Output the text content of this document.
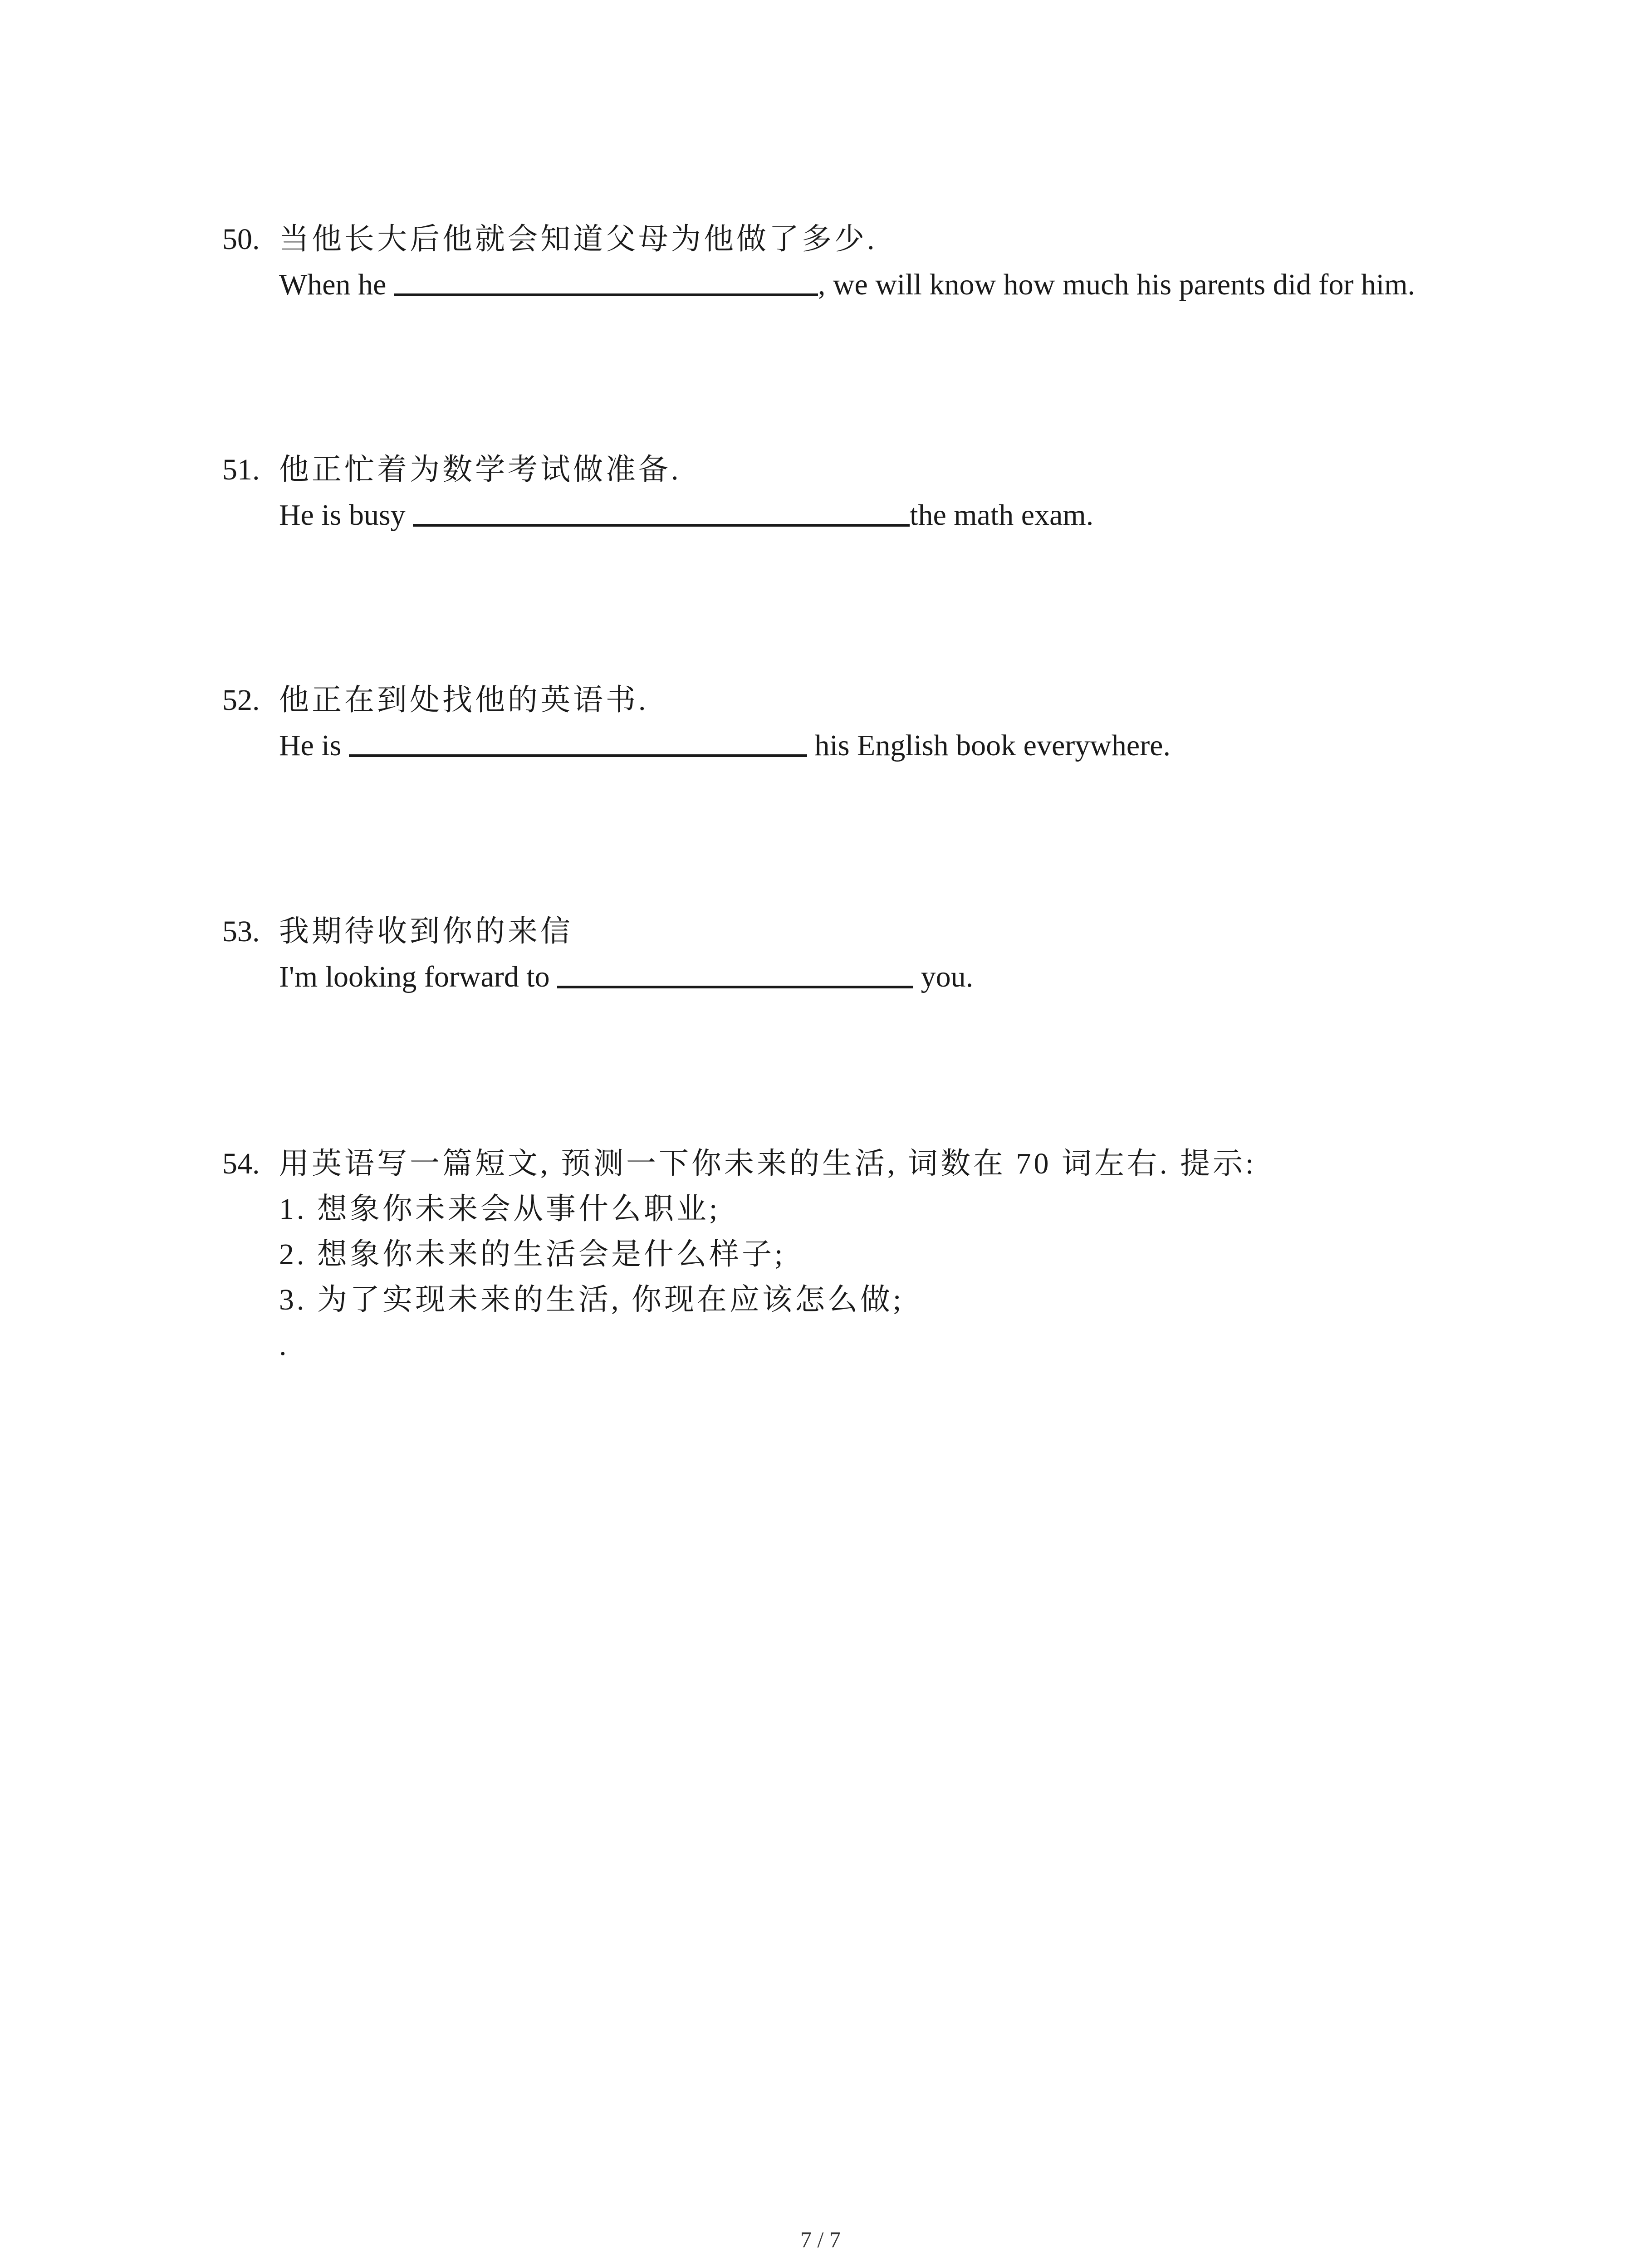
50. 当他长大后他就会知道父母为他做了多少.
When he	, we will know how much his parents did for him.
51. 他正忙着为数学考试做准备.
He is busy	the math exam.
52. 他正在到处找他的英语书.
He is	his English book everywhere.
53. 我期待收到你的来信
I'm looking forward to	you.
54. 用英语写一篇短文, 预测一下你未来的生活, 词数在 70 词左右. 提示:
1. 想象你未来会从事什么职业;
2. 想象你未来的生活会是什么样子;
3. 为了实现未来的生活, 你现在应该怎么做;
.
7 / 7
